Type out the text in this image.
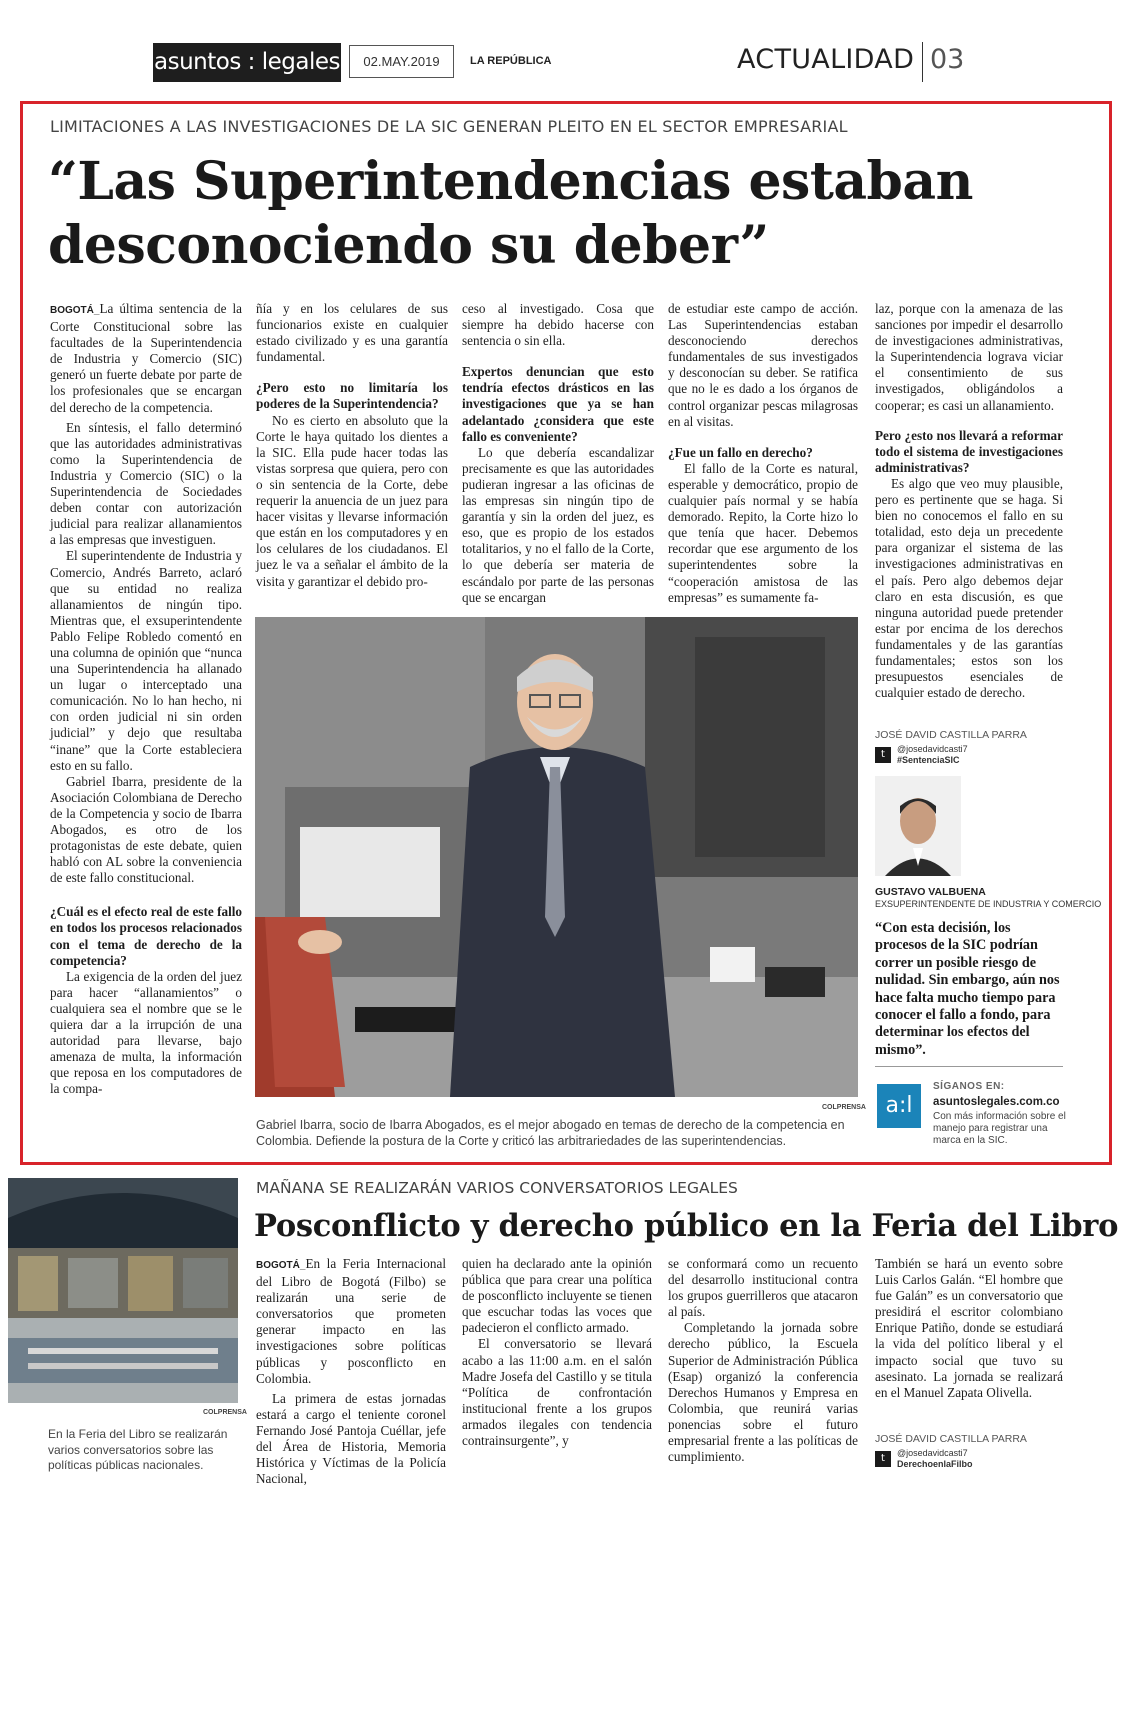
asuntos : legales	02.MAY.2019	LA REPÚBLICA	ACTUALIDAD 03
LIMITACIONES A LAS INVESTIGACIONES DE LA SIC GENERAN PLEITO EN EL SECTOR EMPRESARIAL
“Las Superintendencias estaban desconociendo su deber”

BOGOTÁ_La última sentencia de la Corte Constitucional sobre las facultades de la Superintendencia de Industria y Comercio (SIC) generó un fuerte debate por parte de los profesionales que se encargan del derecho de la competencia.

En síntesis, el fallo determinó que las autoridades administrativas como la Superintendencia de Industria y Comercio (SIC) o la Superintendencia de Sociedades deben contar con autorización judicial para realizar allanamientos a las empresas que investiguen.

El superintendente de Industria y Comercio, Andrés Barreto, aclaró que su entidad no realiza allanamientos de ningún tipo. Mientras que, el exsuperintendente Pablo Felipe Robledo comentó en una columna de opinión que “nunca una Superintendencia ha allanado un lugar o interceptado una comunicación. No lo han hecho, ni con orden judicial ni sin orden judicial” y dejo que resultaba “inane” que la Corte estableciera esto en su fallo.

Gabriel Ibarra, presidente de la Asociación Colombiana de Derecho de la Competencia y socio de Ibarra Abogados, es otro de los protagonistas de este debate, quien habló con AL sobre la conveniencia de este fallo constitucional.

¿Cuál es el efecto real de este fallo en todos los procesos relacionados con el tema de derecho de la competencia?

La exigencia de la orden del juez para hacer “allanamientos” o cualquiera sea el nombre que se le quiera dar a la irrupción de una autoridad para llevarse, bajo amenaza de multa, la información que reposa en los computadores de la compa-

ñía y en los celulares de sus funcionarios existe en cualquier estado civilizado y es una garantía fundamental.

¿Pero esto no limitaría los poderes de la Superintendencia?

No es cierto en absoluto que la Corte le haya quitado los dientes a la SIC. Ella pude hacer todas las vistas sorpresa que quiera, pero con o sin sentencia de la Corte, debe requerir la anuencia de un juez para hacer visitas y llevarse información que están en los computadores y en los celulares de los ciudadanos. El juez le va a señalar el ámbito de la visita y garantizar el debido pro-

ceso al investigado. Cosa que siempre ha debido hacerse con sentencia o sin ella.

Expertos denuncian que esto tendría efectos drásticos en las investigaciones que ya se han adelantado ¿considera que este fallo es conveniente?

Lo que debería escandalizar precisamente es que las autoridades pudieran ingresar a las oficinas de las empresas sin ningún tipo de garantía y sin la orden del juez, es eso, que es propio de los estados totalitarios, y no el fallo de la Corte, lo que debería ser materia de escándalo por parte de las personas que se encargan

de estudiar este campo de acción. Las Superintendencias estaban desconociendo derechos fundamentales de sus investigados y desconocían su deber. Se ratifica que no le es dado a los órganos de control organizar pescas milagrosas en al visitas.

¿Fue un fallo en derecho?

El fallo de la Corte es natural, esperable y democrático, propio de cualquier país normal y se había demorado. Repito, la Corte hizo lo que tenía que hacer. Debemos recordar que ese argumento de los superintendentes sobre la “cooperación amistosa de las empresas” es sumamente fa-

laz, porque con la amenaza de las sanciones por impedir el desarrollo de investigaciones administrativas, la Superintendencia lograva viciar el consentimiento de sus investigados, obligándolos a cooperar; es casi un allanamiento.

Pero ¿esto nos llevará a reformar todo el sistema de investigaciones administrativas?

Es algo que veo muy plausible, pero es pertinente que se haga. Si bien no conocemos el fallo en su totalidad, esto deja un precedente para organizar el sistema de las investigaciones administrativas en el país. Pero algo debemos dejar claro en esta discusión, es que ninguna autoridad puede pretender estar por encima de los derechos fundamentales y de las garantías fundamentales; estos son los presupuestos esenciales de cualquier estado de derecho.

JOSÉ DAVID CASTILLA PARRA
t	@josedavidcasti7
#SentenciaSIC
COLPRENSA
Gabriel Ibarra, socio de Ibarra Abogados, es el mejor abogado en temas de derecho de la competencia en Colombia. Defiende la postura de la Corte y criticó las arbitrariedades de las superintendencias.
GUSTAVO VALBUENA
EXSUPERINTENDENTE DE INDUSTRIA Y COMERCIO
“Con esta decisión, los procesos de la SIC podrían correr un posible riesgo de nulidad. Sin embargo, aún nos hace falta mucho tiempo para conocer el fallo a fondo, para determinar los efectos del mismo”.
a:l
SÍGANOS EN:
asuntoslegales.com.co
Con más información sobre el manejo para registrar una marca en la SIC.
COLPRENSA
En la Feria del Libro se realizarán varios conversatorios sobre las políticas públicas nacionales.
MAÑANA SE REALIZARÁN VARIOS CONVERSATORIOS LEGALES
Posconflicto y derecho público en la Feria del Libro

BOGOTÁ_En la Feria Internacional del Libro de Bogotá (Filbo) se realizarán una serie de conversatorios que prometen generar impacto en las investigaciones sobre políticas públicas y posconflicto en Colombia.

La primera de estas jornadas estará a cargo el teniente coronel Fernando José Pantoja Cuéllar, jefe del Área de Historia, Memoria Histórica y Víctimas de la Policía Nacional,

quien ha declarado ante la opinión pública que para crear una política de posconflicto incluyente se tienen que escuchar todas las voces que padecieron el conflicto armado.

El conversatorio se llevará acabo a las 11:00 a.m. en el salón Madre Josefa del Castillo y se titula “Política de confrontación institucional frente a los grupos armados ilegales con tendencia contrainsurgente”, y

se conformará como un recuento del desarrollo institucional contra los grupos guerrilleros que atacaron al país.

Completando la jornada sobre derecho público, la Escuela Superior de Administración Pública (Esap) organizó la conferencia Derechos Humanos y Empresa en Colombia, que reunirá varias ponencias sobre el futuro empresarial frente a las políticas de cumplimiento.

También se hará un evento sobre Luis Carlos Galán. “El hombre que fue Galán” es un conversatorio que presidirá el escritor colombiano Enrique Patiño, donde se estudiará la vida del político liberal y el impacto social que tuvo su asesinato. La jornada se realizará en el Manuel Zapata Olivella.

JOSÉ DAVID CASTILLA PARRA
t	@josedavidcasti7
DerechoenlaFilbo
